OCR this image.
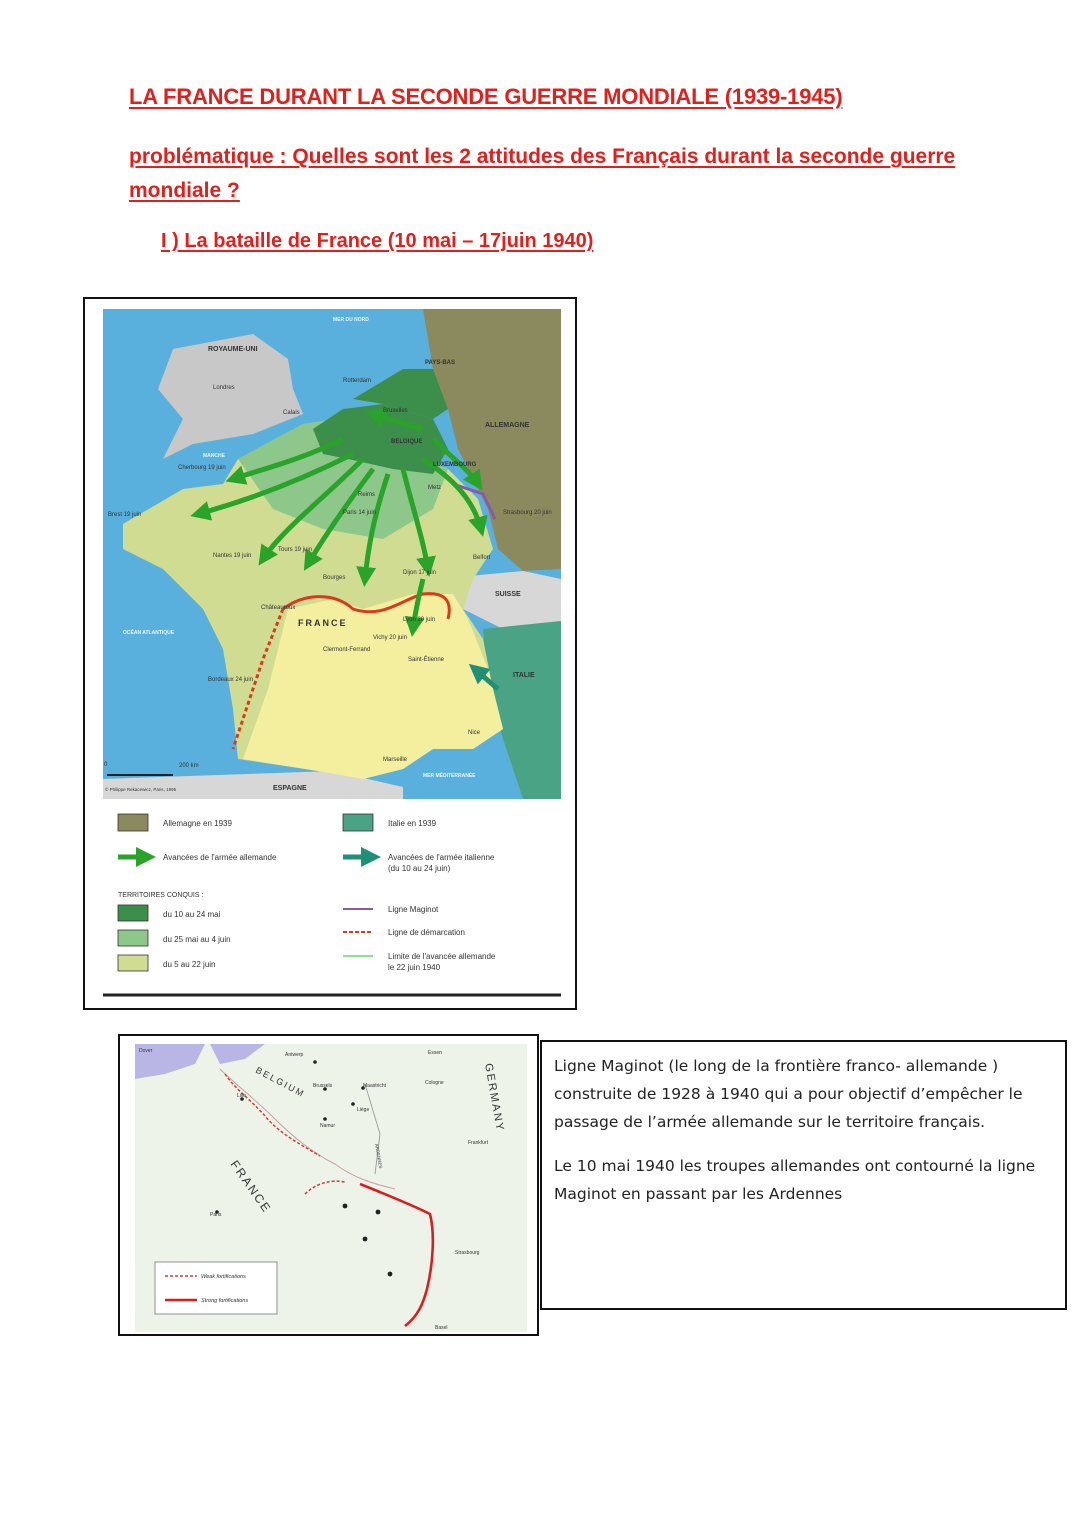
LA FRANCE DURANT LA SECONDE GUERRE MONDIALE (1939-1945)

problématique : Quelles sont les 2 attitudes des Français durant la seconde guerre mondiale ?

I ) La bataille de France (10 mai – 17juin 1940)
ROYAUME-UNI
MER DU NORD
PAYS-BAS
ALLEMAGNE
BELGIQUE
LUXEMBOURG
SUISSE
ITALIE
ESPAGNE
FRANCE
OCÉAN ATLANTIQUE
MANCHE
MER MÉDITERRANÉE
Londres
Rotterdam
Bruxelles
Calais
Cherbourg 19 juin
Brest 19 juin
Reims
Paris 14 juin
Metz
Strasbourg 20 juin
Belfort
Nantes 19 juin
Tours 19 juin
Bourges
Dijon 17 juin
Châteauroux
Lyon 20 juin
Vichy 20 juin
Clermont-Ferrand
Saint-Étienne
Bordeaux 24 juin
Nice
Marseille
0	200 km
© Philippe Rekacewicz, Paris, 1995
Allemagne en 1939	Italie en 1939
Avancées de l'armée allemande	Avancées de l'armée italienne
(du 10 au 24 juin)
TERRITOIRES CONQUIS :
du 10 au 24 mai
du 25 mai au 4 juin
du 5 au 22 juin
Ligne Maginot
Ligne de démarcation
Limite de l'avancée allemande
le 22 juin 1940
Dover
Antwerp	Essen
BELGIUM Brussels	Maastricht	Cologne
Lille
Liège
Namur
ARDENNES
Frankfurt
FRANCE
GERMANY
Paris
Strasbourg
Basel
Weak fortifications
Strong fortifications

Ligne Maginot (le long de la frontière franco- allemande ) construite de 1928 à 1940 qui a pour objectif d’empêcher le passage de l’armée allemande sur le territoire français.

Le 10 mai 1940 les troupes allemandes ont contourné la ligne Maginot en passant par les Ardennes
